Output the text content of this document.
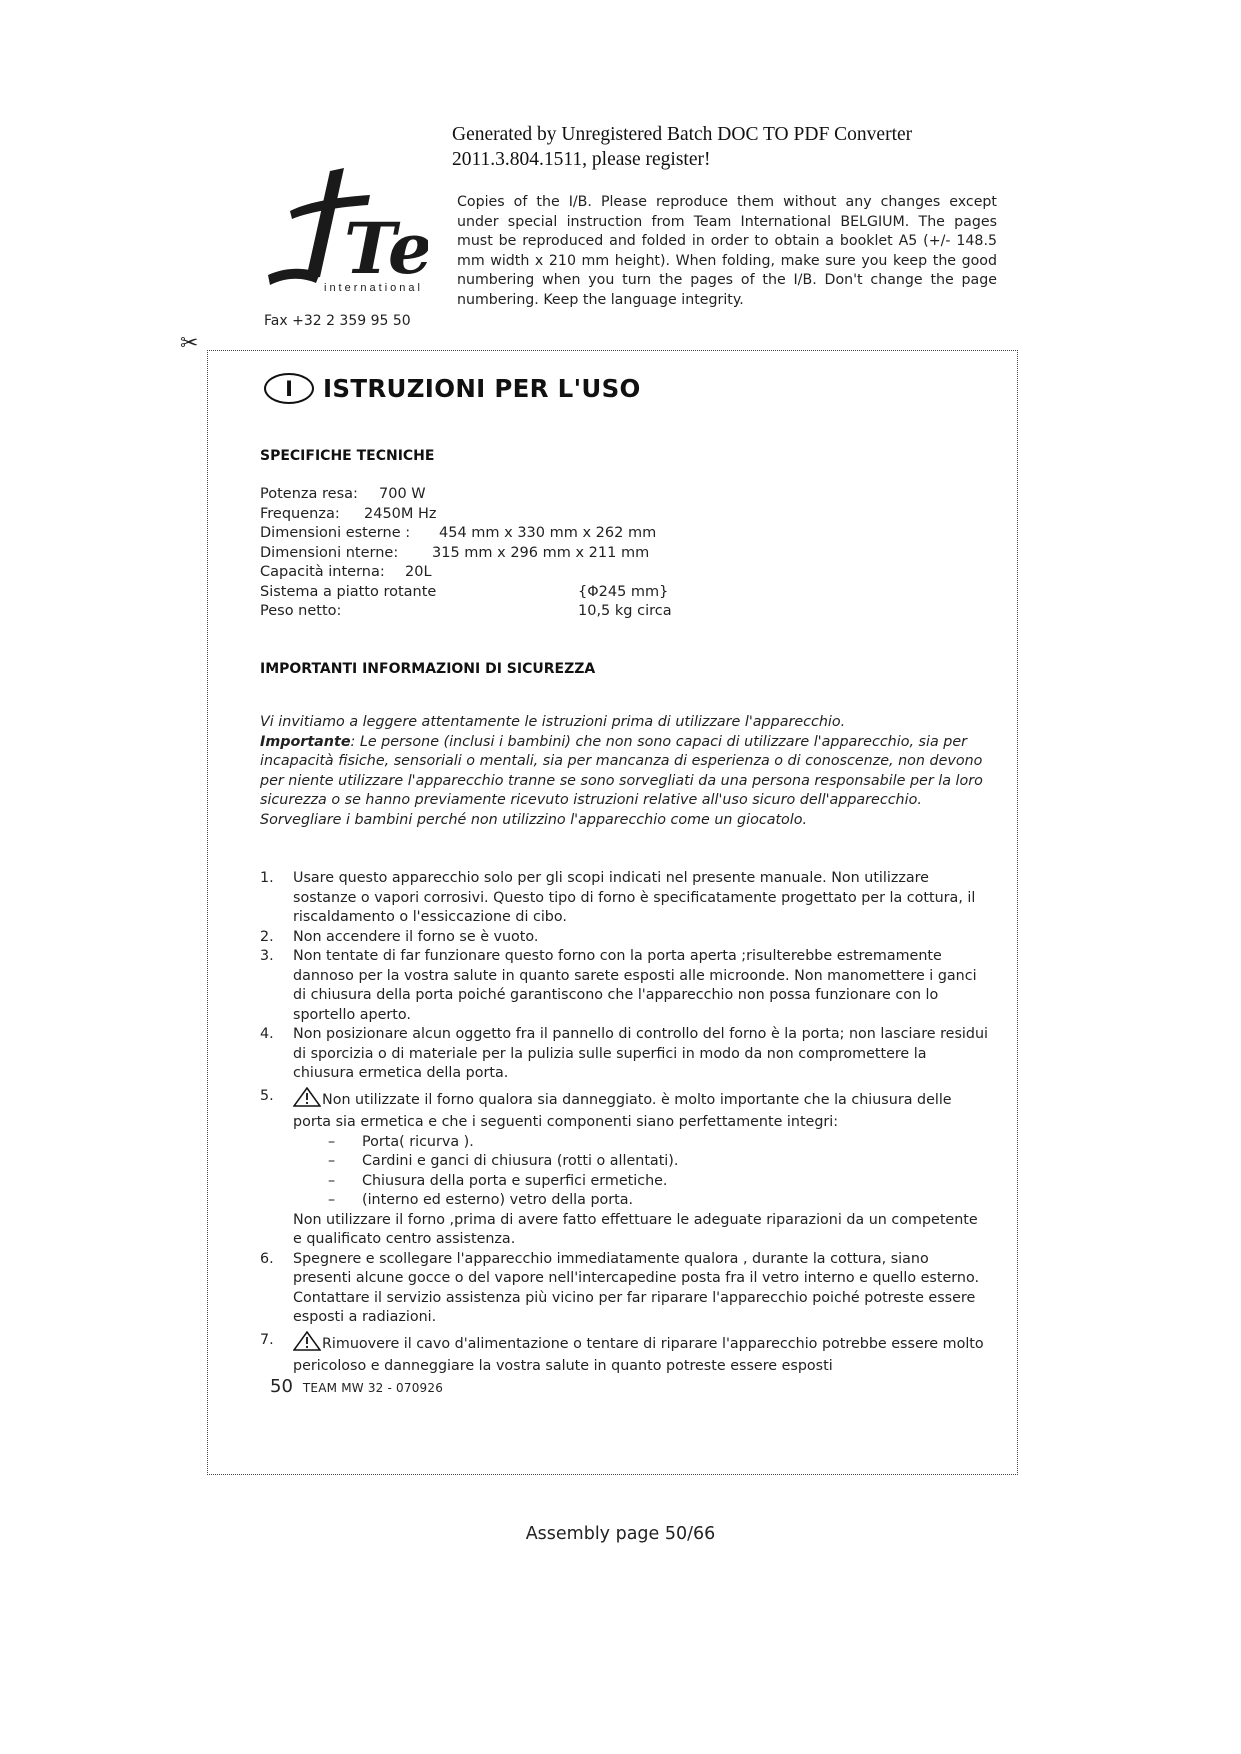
Generated by Unregistered Batch DOC TO PDF Converter
2011.3.804.1511, please register!
Te
international
Fax +32 2 359 95 50
Copies of the I/B. Please reproduce them without any changes except under special instruction from Team International BELGIUM. The pages must be reproduced and folded in order to obtain a booklet A5 (+/- 148.5 mm width x 210 mm height). When folding, make sure you keep the good numbering when you turn the pages of the I/B. Don't change the page numbering. Keep the language integrity.
✂
I	ISTRUZIONI PER L'USO
SPECIFICHE TECNICHE
Potenza resa: 700 W
Frequenza: 2450M Hz
Dimensioni esterne : 454 mm x 330 mm x 262 mm
Dimensioni nterne: 315 mm x 296 mm x 211 mm
Capacità interna: 20L
Sistema a piatto rotante	{Φ245 mm}
Peso netto:	10,5 kg circa
IMPORTANTI INFORMAZIONI DI SICUREZZA
Vi invitiamo a leggere attentamente le istruzioni prima di utilizzare l'apparecchio.
Importante: Le persone (inclusi i bambini) che non sono capaci di utilizzare l'apparecchio, sia per incapacità fisiche, sensoriali o mentali, sia per mancanza di esperienza o di conoscenze, non devono per niente utilizzare l'apparecchio tranne se sono sorvegliati da una persona responsabile per la loro sicurezza o se hanno previamente ricevuto istruzioni relative all'uso sicuro dell'apparecchio.
Sorvegliare i bambini perché non utilizzino l'apparecchio come un giocatolo.
1.	Usare questo apparecchio solo per gli scopi indicati nel presente manuale. Non utilizzare sostanze o vapori corrosivi. Questo tipo di forno è specificatamente progettato per la cottura, il riscaldamento o l'essiccazione di cibo.
2.	Non accendere il forno se è vuoto.
3.	Non tentate di far funzionare questo forno con la porta aperta ;risulterebbe estremamente dannoso per la vostra salute in quanto sarete esposti alle microonde. Non manomettere i ganci di chiusura della porta poiché garantiscono che l'apparecchio non possa funzionare con lo sportello aperto.
4.	Non posizionare alcun oggetto fra il pannello di controllo del forno è la porta; non lasciare residui di sporcizia o di materiale per la pulizia sulle superfici in modo da non compromettere la chiusura ermetica della porta.
5.	Non utilizzate il forno qualora sia danneggiato. è molto importante che la chiusura delle porta sia ermetica e che i seguenti componenti siano perfettamente integri:
–	Porta( ricurva ).
–	Cardini e ganci di chiusura (rotti o allentati).
–	Chiusura della porta e superfici ermetiche.
–	(interno ed esterno) vetro della porta.
Non utilizzare il forno ,prima di avere fatto effettuare le adeguate riparazioni da un competente e qualificato centro assistenza.
6.	Spegnere e scollegare l'apparecchio immediatamente qualora , durante la cottura, siano presenti alcune gocce o del vapore nell'intercapedine posta fra il vetro interno e quello esterno. Contattare il servizio assistenza più vicino per far riparare l'apparecchio poiché potreste essere esposti a radiazioni.
7.	Rimuovere il cavo d'alimentazione o tentare di riparare l'apparecchio potrebbe essere molto pericoloso e danneggiare la vostra salute in quanto potreste essere esposti
50 TEAM MW 32 - 070926
Assembly page 50/66
